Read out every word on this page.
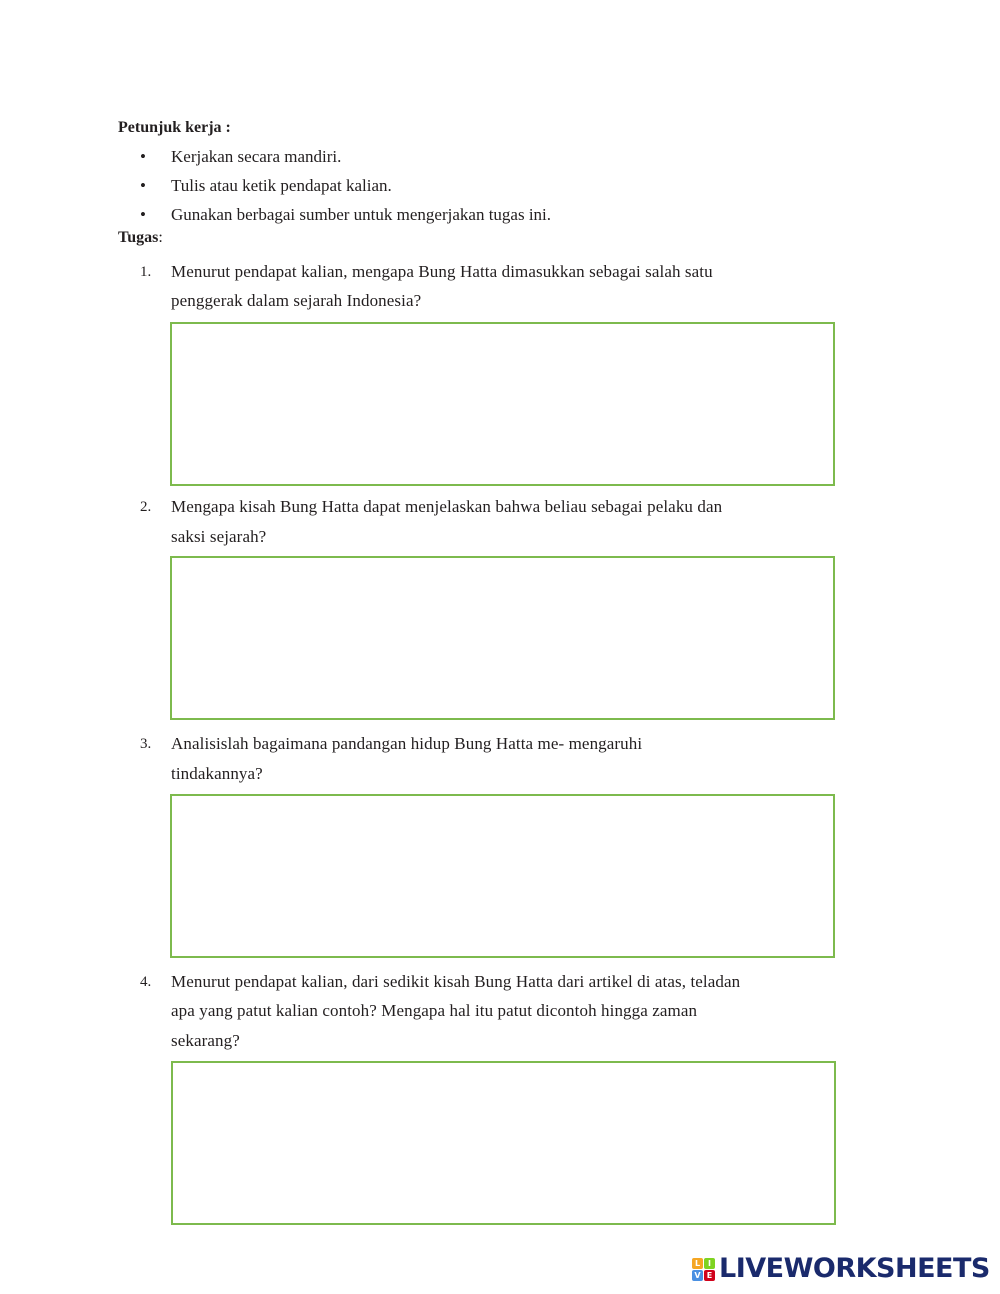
Petunjuk kerja :
• Kerjakan secara mandiri.
• Tulis atau ketik pendapat kalian.
• Gunakan berbagai sumber untuk mengerjakan tugas ini.
Tugas:
1. Menurut pendapat kalian, mengapa Bung Hatta dimasukkan sebagai salah satu
penggerak dalam sejarah Indonesia?
2. Mengapa kisah Bung Hatta dapat menjelaskan bahwa beliau sebagai pelaku dan
saksi sejarah?
3. Analisislah bagaimana pandangan hidup Bung Hatta me- mengaruhi
tindakannya?
4. Menurut pendapat kalian, dari sedikit kisah Bung Hatta dari artikel di atas, teladan
apa yang patut kalian contoh? Mengapa hal itu patut dicontoh hingga zaman
sekarang?
L I
V E LIVEWORKSHEETS
